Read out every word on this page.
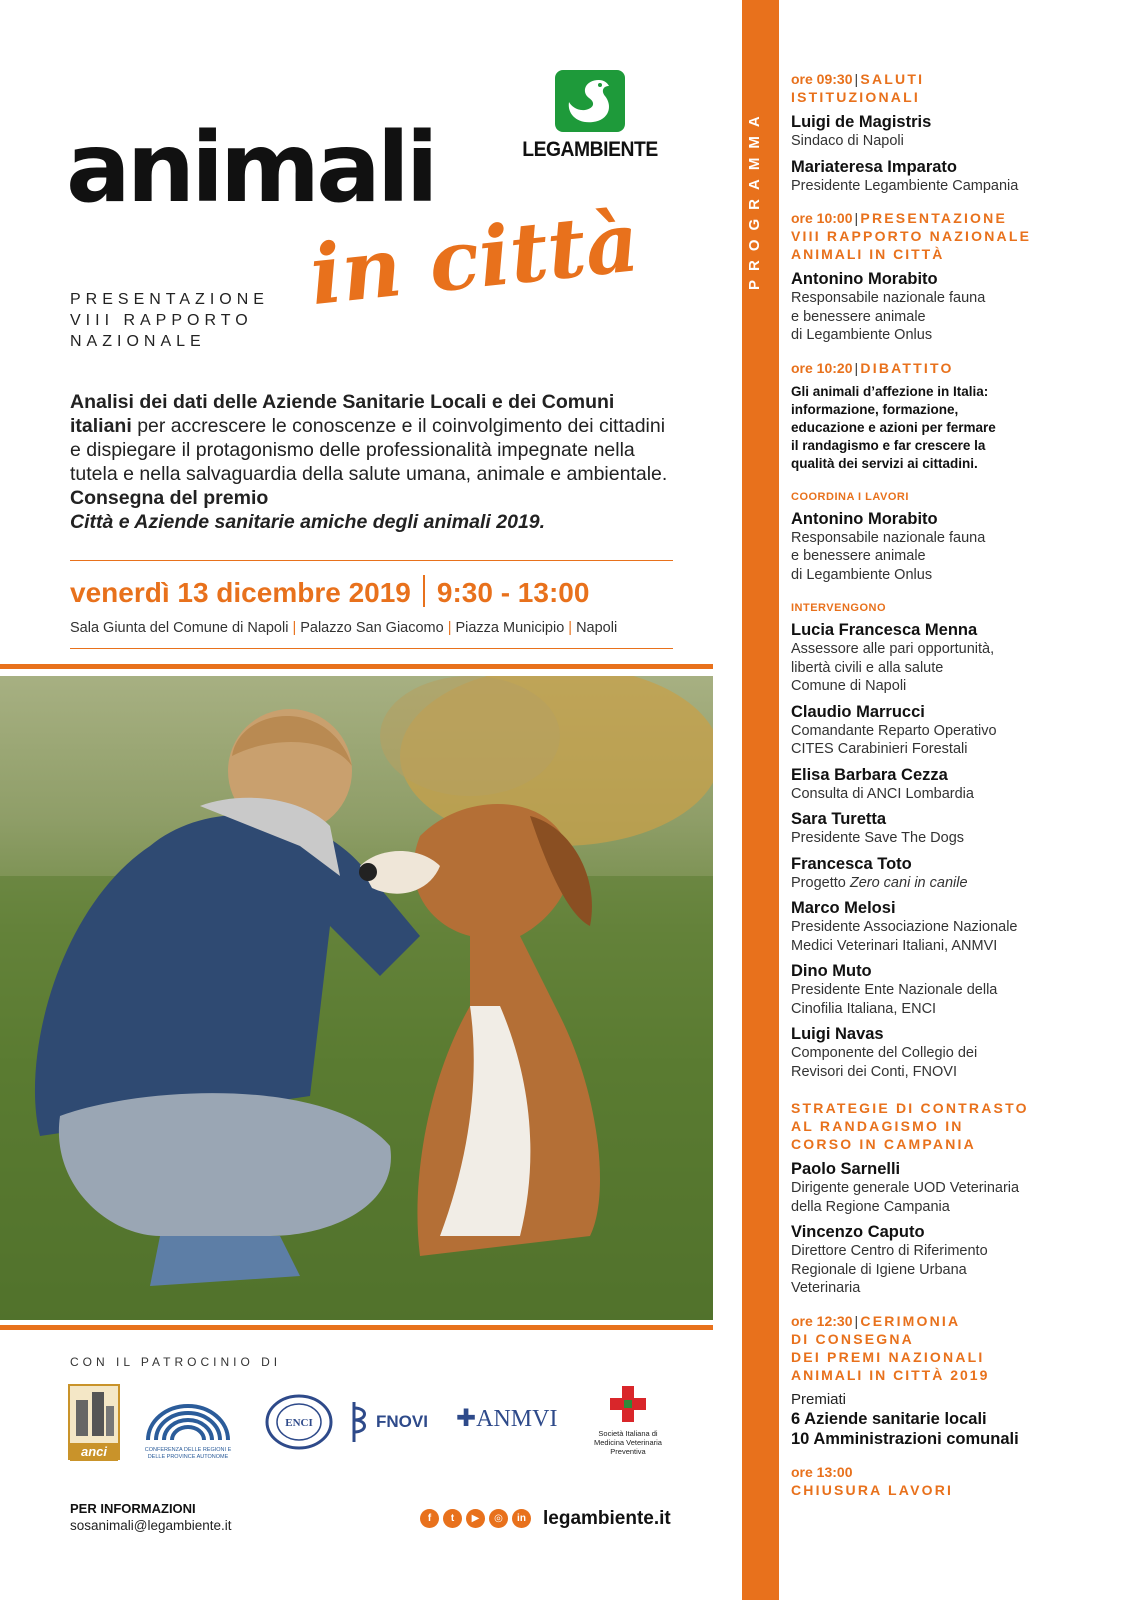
LEGAMBIENTE
animali
in città
PRESENTAZIONE
VIII RAPPORTO
NAZIONALE
Analisi dei dati delle Aziende Sanitarie Locali e dei Comuni italiani per accrescere le conoscenze e il coinvolgimento dei cittadini e dispiegare il protagonismo delle professionalità impegnate nella tutela e nella salvaguardia della salute umana, animale e ambientale. Consegna del premio
Città e Aziende sanitarie amiche degli animali 2019.
venerdì 13 dicembre 2019 9:30 - 13:00
Sala Giunta del Comune di Napoli | Palazzo San Giacomo | Piazza Municipio | Napoli
CON IL PATROCINIO DI
anci	CONFERENZA DELLE REGIONI E DELLE PROVINCE AUTONOME
ENCI	FNOVI ✚ANMVI
Società Italiana di Medicina Veterinaria Preventiva
PER INFORMAZIONI
sosanimali@legambiente.it	f	t	▶	◎	in legambiente.it
ore 09:30 | SALUTI
ISTITUZIONALI
Luigi de Magistris
Sindaco di Napoli
Mariateresa Imparato
Presidente Legambiente Campania
ore 10:00 | PRESENTAZIONE
VIII RAPPORTO NAZIONALE
ANIMALI IN CITTÀ
Antonino Morabito
Responsabile nazionale fauna
e benessere animale
di Legambiente Onlus
ore 10:20 | DIBATTITO
Gli animali d’affezione in Italia:
informazione, formazione,
educazione e azioni per fermare
il randagismo e far crescere la
qualità dei servizi ai cittadini.
COORDINA I LAVORI
Antonino Morabito
Responsabile nazionale fauna
e benessere animale
di Legambiente Onlus
INTERVENGONO
Lucia Francesca Menna
Assessore alle pari opportunità,
libertà civili e alla salute
Comune di Napoli
Claudio Marrucci
Comandante Reparto Operativo
CITES Carabinieri Forestali
Elisa Barbara Cezza
Consulta di ANCI Lombardia
Sara Turetta
Presidente Save The Dogs
Francesca Toto
Progetto Zero cani in canile
Marco Melosi
Presidente Associazione Nazionale
Medici Veterinari Italiani, ANMVI
Dino Muto
Presidente Ente Nazionale della
Cinofilia Italiana, ENCI
Luigi Navas
Componente del Collegio dei
Revisori dei Conti, FNOVI
STRATEGIE DI CONTRASTO
AL RANDAGISMO IN
CORSO IN CAMPANIA
Paolo Sarnelli
Dirigente generale UOD Veterinaria
della Regione Campania
Vincenzo Caputo
Direttore Centro di Riferimento
Regionale di Igiene Urbana
Veterinaria
ore 12:30 | CERIMONIA
DI CONSEGNA
DEI PREMI NAZIONALI
ANIMALI IN CITTÀ 2019
Premiati
6 Aziende sanitarie locali
10 Amministrazioni comunali
ore 13:00
CHIUSURA LAVORI
